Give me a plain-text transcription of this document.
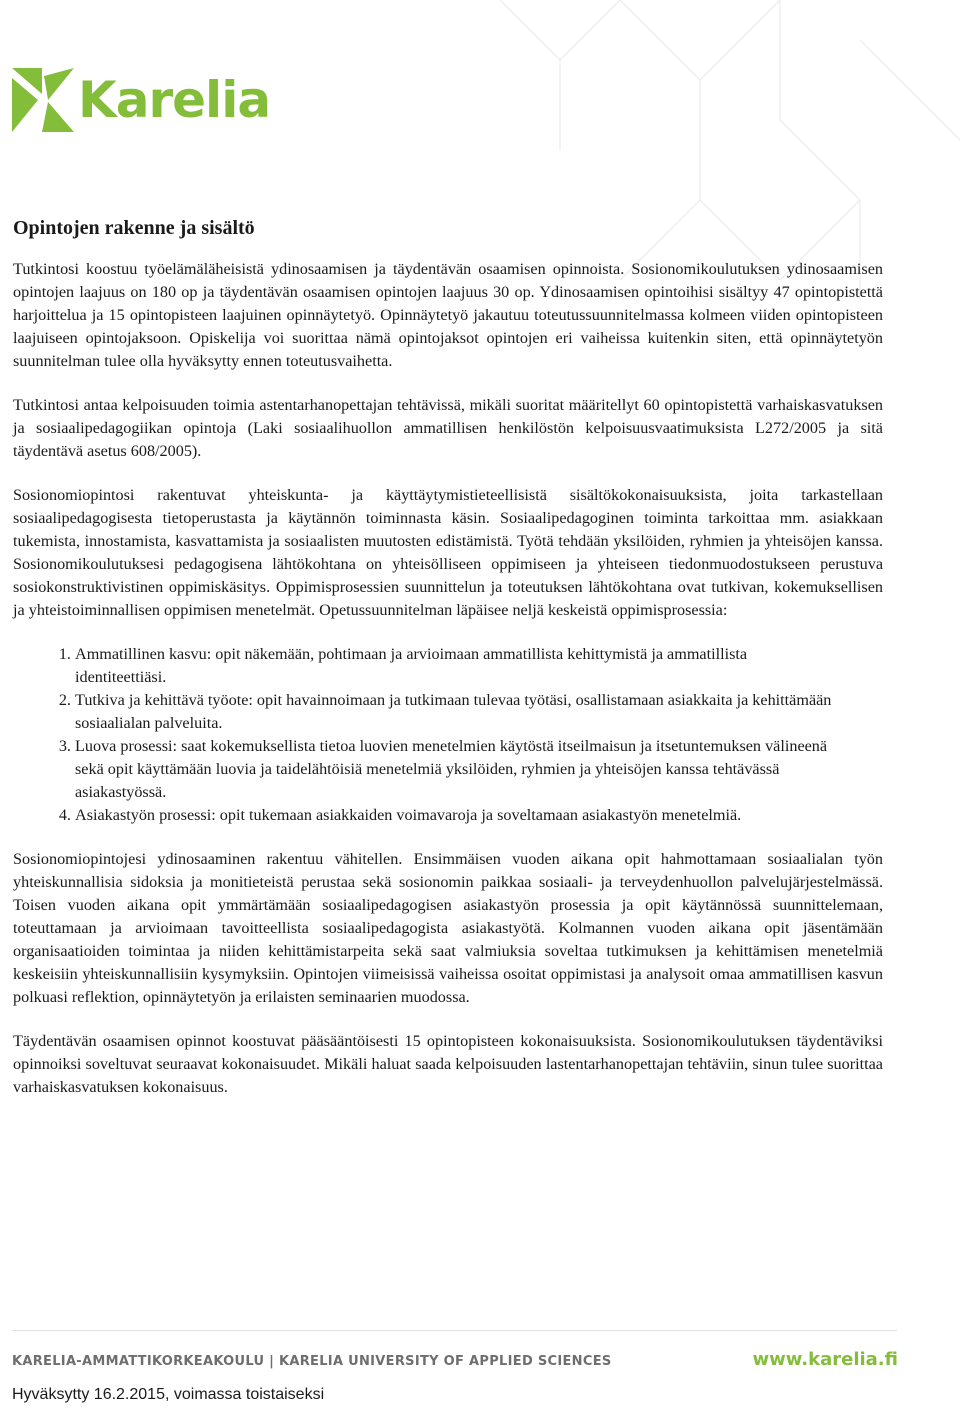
Karelia
Opintojen rakenne ja sisältö

Tutkintosi koostuu työelämäläheisistä ydinosaamisen ja täydentävän osaamisen opinnoista. Sosionomikoulutuksen ydinosaamisen opintojen laajuus on 180 op ja täydentävän osaamisen opintojen laajuus 30 op. Ydinosaamisen opintoihisi sisältyy 47 opintopistettä harjoittelua ja 15 opintopisteen laajuinen opinnäytetyö. Opinnäytetyö jakautuu toteutussuunnitelmassa kolmeen viiden opintopisteen laajuiseen opintojaksoon. Opiskelija voi suorittaa nämä opintojaksot opintojen eri vaiheissa kuitenkin siten, että opinnäytetyön suunnitelman tulee olla hyväksytty ennen toteutusvaihetta.

Tutkintosi antaa kelpoisuuden toimia astentarhanopettajan tehtävissä, mikäli suoritat määritellyt 60 opintopistettä varhaiskasvatuksen ja sosiaalipedagogiikan opintoja (Laki sosiaalihuollon ammatillisen henkilöstön kelpoisuusvaatimuksista L272/2005 ja sitä täydentävä asetus 608/2005).

Sosionomiopintosi rakentuvat yhteiskunta- ja käyttäytymistieteellisistä sisältökokonaisuuksista, joita tarkastellaan sosiaalipedagogisesta tietoperustasta ja käytännön toiminnasta käsin. Sosiaalipedagoginen toiminta tarkoittaa mm. asiakkaan tukemista, innostamista, kasvattamista ja sosiaalisten muutosten edistämistä. Työtä tehdään yksilöiden, ryhmien ja yhteisöjen kanssa. Sosionomikoulutuksesi pedagogisena lähtökohtana on yhteisölliseen oppimiseen ja yhteiseen tiedonmuodostukseen perustuva sosiokonstruktivistinen oppimiskäsitys. Oppimisprosessien suunnittelun ja toteutuksen lähtökohtana ovat tutkivan, kokemuksellisen ja yhteistoiminnallisen oppimisen menetelmät. Opetussuunnitelman läpäisee neljä keskeistä oppimisprosessia:

1. Ammatillinen kasvu: opit näkemään, pohtimaan ja arvioimaan ammatillista kehittymistä ja ammatillista identiteettiäsi.
2. Tutkiva ja kehittävä työote: opit havainnoimaan ja tutkimaan tulevaa työtäsi, osallistamaan asiakkaita ja kehittämään sosiaalialan palveluita.
3. Luova prosessi: saat kokemuksellista tietoa luovien menetelmien käytöstä itseilmaisun ja itsetuntemuksen välineenä sekä opit käyttämään luovia ja taidelähtöisiä menetelmiä yksilöiden, ryhmien ja yhteisöjen kanssa tehtävässä asiakastyössä.
4. Asiakastyön prosessi: opit tukemaan asiakkaiden voimavaroja ja soveltamaan asiakastyön menetelmiä.

Sosionomiopintojesi ydinosaaminen rakentuu vähitellen. Ensimmäisen vuoden aikana opit hahmottamaan sosiaalialan työn yhteiskunnallisia sidoksia ja monitieteistä perustaa sekä sosionomin paikkaa sosiaali- ja terveydenhuollon palvelujärjestelmässä. Toisen vuoden aikana opit ymmärtämään sosiaalipedagogisen asiakastyön prosessia ja opit käytännössä suunnittelemaan, toteuttamaan ja arvioimaan tavoitteellista sosiaalipedagogista asiakastyötä. Kolmannen vuoden aikana opit jäsentämään organisaatioiden toimintaa ja niiden kehittämistarpeita sekä saat valmiuksia soveltaa tutkimuksen ja kehittämisen menetelmiä keskeisiin yhteiskunnallisiin kysymyksiin. Opintojen viimeisissä vaiheissa osoitat oppimistasi ja analysoit omaa ammatillisen kasvun polkuasi reflektion, opinnäytetyön ja erilaisten seminaarien muodossa.

Täydentävän osaamisen opinnot koostuvat pääsääntöisesti 15 opintopisteen kokonaisuuksista. Sosionomikoulutuksen täydentäviksi opinnoiksi soveltuvat seuraavat kokonaisuudet. Mikäli haluat saada kelpoisuuden lastentarhanopettajan tehtäviin, sinun tulee suorittaa varhaiskasvatuksen kokonaisuus.

KARELIA-AMMATTIKORKEAKOULU | KARELIA UNIVERSITY OF APPLIED SCIENCES	www.karelia.fi
Hyväksytty 16.2.2015, voimassa toistaiseksi
